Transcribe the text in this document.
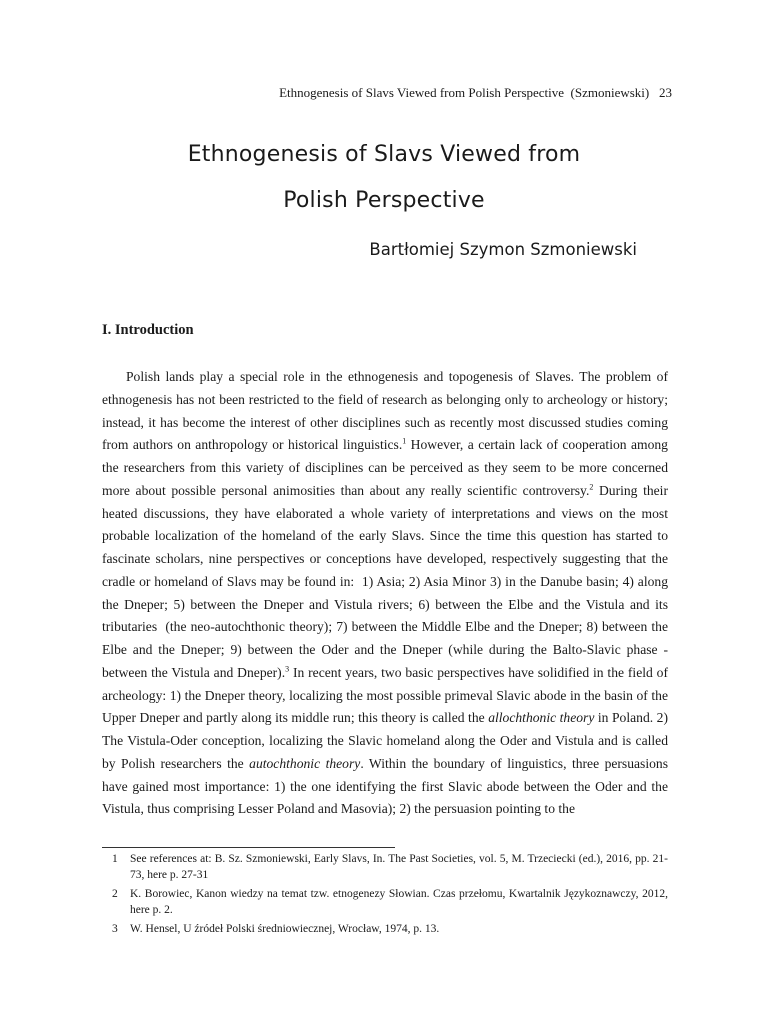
Ethnogenesis of Slavs Viewed from Polish Perspective  (Szmoniewski) 23
Ethnogenesis of Slavs Viewed from
Polish Perspective
Bartłomiej Szymon Szmoniewski
I. Introduction

Polish lands play a special role in the ethnogenesis and topogenesis of Slaves. The problem of ethnogenesis has not been restricted to the field of research as belonging only to archeology or history; instead, it has become the interest of other disciplines such as recently most discussed studies coming from authors on anthropology or historical linguistics.$^1$ However, a certain lack of cooperation among the researchers from this variety of disciplines can be perceived as they seem to be more concerned more about possible personal animosities than about any really scientific controversy.$^2$ During their heated discussions, they have elaborated a whole variety of interpretations and views on the most probable localization of the homeland of the early Slavs. Since the time this question has started to fascinate scholars, nine perspectives or conceptions have developed, respectively suggesting that the cradle or homeland of Slavs may be found in:  1) Asia; 2) Asia Minor 3) in the Danube basin; 4) along the Dneper; 5) between the Dneper and Vistula rivers; 6) between the Elbe and the Vistula and its tributaries  (the neo-autochthonic theory); 7) between the Middle Elbe and the Dneper; 8) between the Elbe and the Dneper; 9) between the Oder and the Dneper (while during the Balto-Slavic phase - between the Vistula and Dneper).$^3$ In recent years, two basic perspectives have solidified in the field of archeology: 1) the Dneper theory, localizing the most possible primeval Slavic abode in the basin of the Upper Dneper and partly along its middle run; this theory is called the allochthonic theory in Poland. 2) The Vistula-Oder conception, localizing the Slavic homeland along the Oder and Vistula and is called by Polish researchers the autochthonic theory. Within the boundary of linguistics, three persuasions have gained most importance: 1) the one identifying the first Slavic abode between the Oder and the Vistula, thus comprising Lesser Poland and Masovia); 2) the persuasion pointing to the

1 See references at: B. Sz. Szmoniewski, Early Slavs, In. The Past Societies, vol. 5, M. Trzeciecki (ed.), 2016, pp. 21-73, here p. 27-31
2 K. Borowiec, Kanon wiedzy na temat tzw. etnogenezy Słowian. Czas przełomu, Kwartalnik Językoznawczy, 2012, here p. 2.
3 W. Hensel, U źródeł Polski średniowiecznej, Wrocław, 1974, p. 13.
